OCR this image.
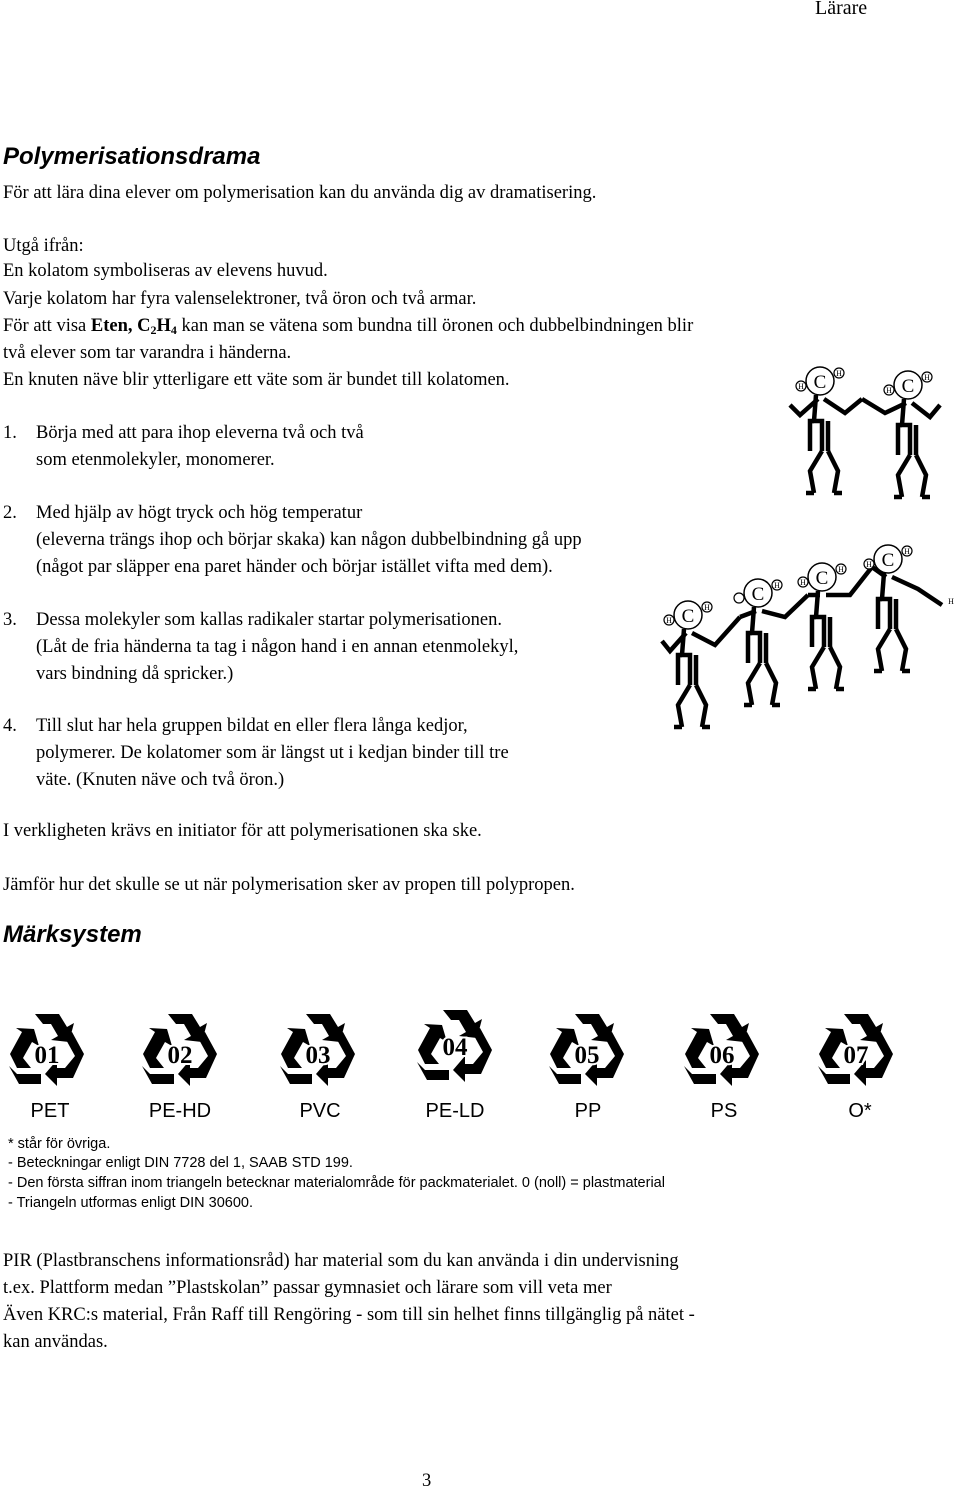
Lärare
Polymerisationsdrama
För att lära dina elever om polymerisation kan du använda dig av dramatisering.
Utgå ifrån:
En kolatom symboliseras av elevens huvud.
Varje kolatom har fyra valenselektroner, två öron och två armar.
För att visa Eten, $C_2H_4$ kan man se vätena som bundna till öronen och dubbelbindningen blir
två elever som tar varandra i händerna.
En knuten näve blir ytterligare ett väte som är bundet till kolatomen.
1. Börja med att para ihop eleverna två och två
som etenmolekyler, monomerer.
2. Med hjälp av högt tryck och hög temperatur
(eleverna trängs ihop och börjar skaka) kan någon dubbelbindning gå upp
(något par släpper ena paret händer och börjar istället vifta med dem).
3. Dessa molekyler som kallas radikaler startar polymerisationen.
(Låt de fria händerna ta tag i någon hand i en annan etenmolekyl,
vars bindning då spricker.)
4. Till slut har hela gruppen bildat en eller flera långa kedjor,
polymerer. De kolatomer som är längst ut i kedjan binder till tre
väte. (Knuten näve och två öron.)
I verkligheten krävs en initiator för att polymerisationen ska ske.
Jämför hur det skulle se ut när polymerisation sker av propen till polypropen.
C	C
C
C
C
C
H
H
H
H
H
H
H	H
H
H
H
H
Märksystem
01	02	03	04	05	06	07
PET	PE-HD	PVC	PE-LD	PP	PS	O*
* står för övriga.
- Beteckningar enligt DIN 7728 del 1, SAAB STD 199.
- Den första siffran inom triangeln betecknar materialområde för packmaterialet. 0 (noll) = plastmaterial
- Triangeln utformas enligt DIN 30600.
PIR (Plastbranschens informationsråd) har material som du kan använda i din undervisning
t.ex. Plattform medan ”Plastskolan” passar gymnasiet och lärare som vill veta mer
Även KRC:s material, Från Raff till Rengöring - som till sin helhet finns tillgänglig på nätet -
kan användas.
3
